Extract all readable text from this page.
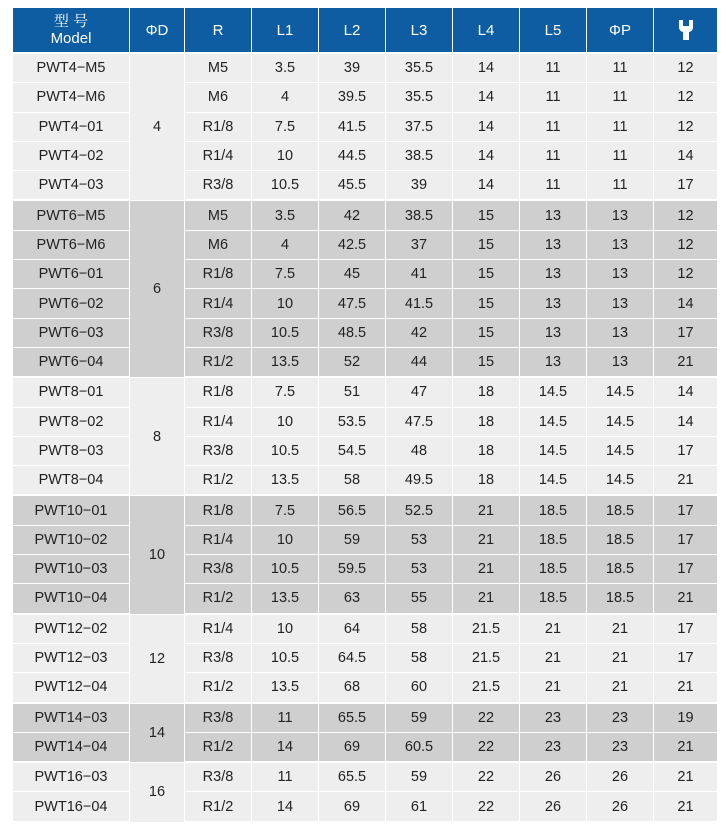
型 号
Model	ΦD	R	L1	L2	L3	L4	L5	ΦP	
PWT4−M5	4	M5	3.5	39	35.5	14	11	11	12
PWT4−M6		M6	4	39.5	35.5	14	11	11	12
PWT4−01		R1/8	7.5	41.5	37.5	14	11	11	12
PWT4−02		R1/4	10	44.5	38.5	14	11	11	14
PWT4−03		R3/8	10.5	45.5	39	14	11	11	17
PWT6−M5	6	M5	3.5	42	38.5	15	13	13	12
PWT6−M6		M6	4	42.5	37	15	13	13	12
PWT6−01		R1/8	7.5	45	41	15	13	13	12
PWT6−02		R1/4	10	47.5	41.5	15	13	13	14
PWT6−03		R3/8	10.5	48.5	42	15	13	13	17
PWT6−04		R1/2	13.5	52	44	15	13	13	21
PWT8−01	8	R1/8	7.5	51	47	18	14.5	14.5	14
PWT8−02		R1/4	10	53.5	47.5	18	14.5	14.5	14
PWT8−03		R3/8	10.5	54.5	48	18	14.5	14.5	17
PWT8−04		R1/2	13.5	58	49.5	18	14.5	14.5	21
PWT10−01	10	R1/8	7.5	56.5	52.5	21	18.5	18.5	17
PWT10−02		R1/4	10	59	53	21	18.5	18.5	17
PWT10−03		R3/8	10.5	59.5	53	21	18.5	18.5	17
PWT10−04		R1/2	13.5	63	55	21	18.5	18.5	21
PWT12−02	12	R1/4	10	64	58	21.5	21	21	17
PWT12−03		R3/8	10.5	64.5	58	21.5	21	21	17
PWT12−04		R1/2	13.5	68	60	21.5	21	21	21
PWT14−03	14	R3/8	11	65.5	59	22	23	23	19
PWT14−04		R1/2	14	69	60.5	22	23	23	21
PWT16−03	16	R3/8	11	65.5	59	22	26	26	21
PWT16−04		R1/2	14	69	61	22	26	26	21
